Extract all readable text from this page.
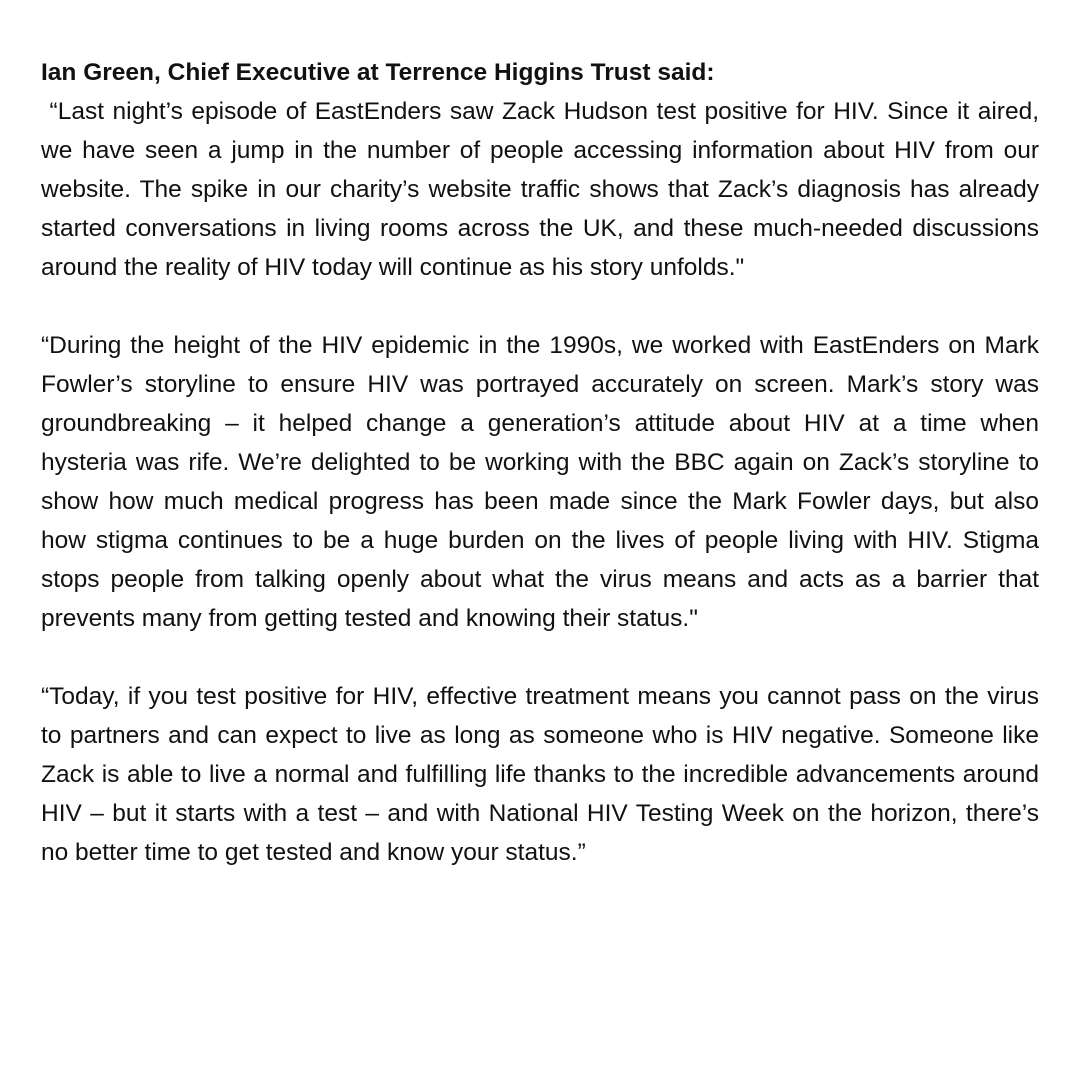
Ian Green, Chief Executive at Terrence Higgins Trust said:

“Last night’s episode of EastEnders saw Zack Hudson test positive for HIV. Since it aired, we have seen a jump in the number of people accessing information about HIV from our website. The spike in our charity’s website traffic shows that Zack’s diagnosis has already started conversations in living rooms across the UK, and these much-needed discussions around the reality of HIV today will continue as his story unfolds."

“During the height of the HIV epidemic in the 1990s, we worked with EastEnders on Mark Fowler’s storyline to ensure HIV was portrayed accurately on screen. Mark’s story was groundbreaking – it helped change a generation’s attitude about HIV at a time when hysteria was rife. We’re delighted to be working with the BBC again on Zack’s storyline to show how much medical progress has been made since the Mark Fowler days, but also how stigma continues to be a huge burden on the lives of people living with HIV. Stigma stops people from talking openly about what the virus means and acts as a barrier that prevents many from getting tested and knowing their status."

“Today, if you test positive for HIV, effective treatment means you cannot pass on the virus to partners and can expect to live as long as someone who is HIV negative. Someone like Zack is able to live a normal and fulfilling life thanks to the incredible advancements around HIV – but it starts with a test – and with National HIV Testing Week on the horizon, there’s no better time to get tested and know your status.”
